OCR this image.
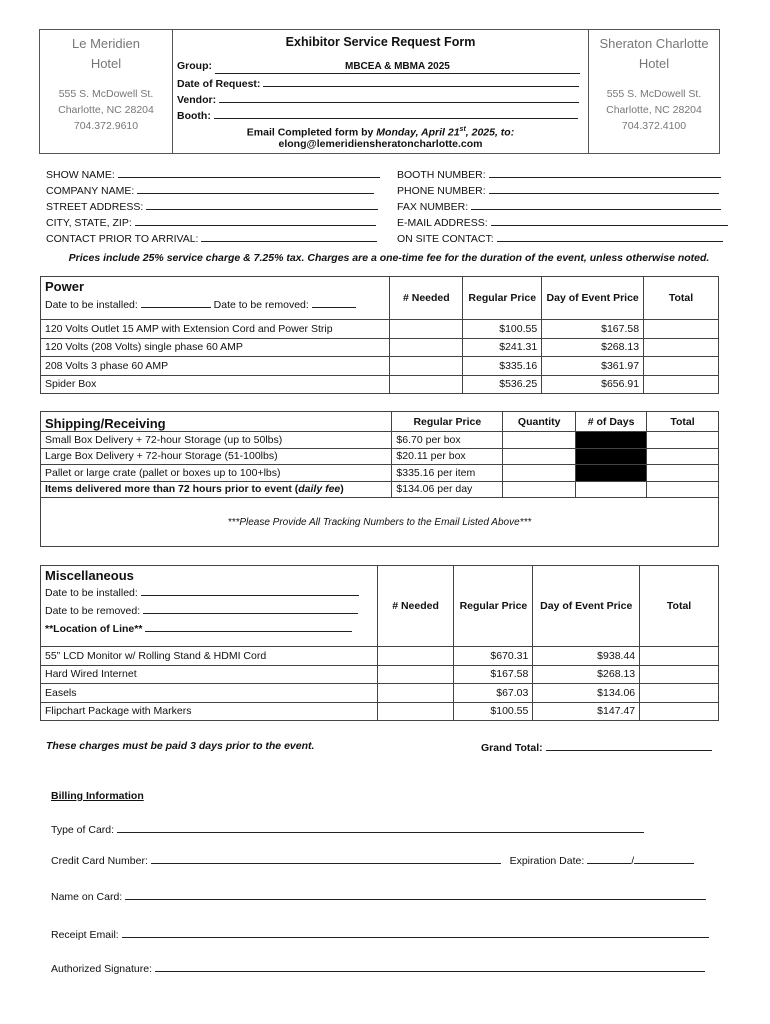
Le Meridien
Hotel
555 S. McDowell St.
Charlotte, NC 28204
704.372.9610
Exhibitor Service Request Form
Group:	MBCEA & MBMA 2025
Date of Request:
Vendor:
Booth:
Email Completed form by Monday, April 21st, 2025, to:
elong@lemeridiensheratoncharlotte.com
Sheraton Charlotte
Hotel
555 S. McDowell St.
Charlotte, NC 28204
704.372.4100
SHOW NAME:
COMPANY NAME:
STREET ADDRESS:
CITY, STATE, ZIP:
CONTACT PRIOR TO ARRIVAL:
BOOTH NUMBER:
PHONE NUMBER:
FAX NUMBER:
E-MAIL ADDRESS:
ON SITE CONTACT:
Prices include 25% service charge & 7.25% tax. Charges are a one-time fee for the duration of the event, unless otherwise noted.
Power
Date to be installed: Date to be removed:	# Needed	Regular Price	Day of Event Price	Total
120 Volts Outlet 15 AMP with Extension Cord and Power Strip		$100.55	$167.58	
120 Volts (208 Volts) single phase 60 AMP		$241.31	$268.13	
208 Volts 3 phase 60 AMP		$335.16	$361.97	
Spider Box		$536.25	$656.91	
Shipping/Receiving	Regular Price	Quantity	# of Days	Total
Small Box Delivery + 72-hour Storage (up to 50lbs)	$6.70 per box			
Large Box Delivery + 72-hour Storage (51-100lbs)	$20.11 per box			
Pallet or large crate (pallet or boxes up to 100+lbs)	$335.16 per item			
Items delivered more than 72 hours prior to event (daily fee)	$134.06 per day			
***Please Provide All Tracking Numbers to the Email Listed Above***				
Miscellaneous
Date to be installed:
Date to be removed:
**Location of Line**	# Needed	Regular Price	Day of Event Price	Total
55” LCD Monitor w/ Rolling Stand & HDMI Cord		$670.31	$938.44	
Hard Wired Internet		$167.58	$268.13	
Easels		$67.03	$134.06	
Flipchart Package with Markers		$100.55	$147.47	
These charges must be paid 3 days prior to the event.	Grand Total:
Billing Information
Type of Card:
Credit Card Number:	Expiration Date:	/
Name on Card:
Receipt Email:
Authorized Signature:
